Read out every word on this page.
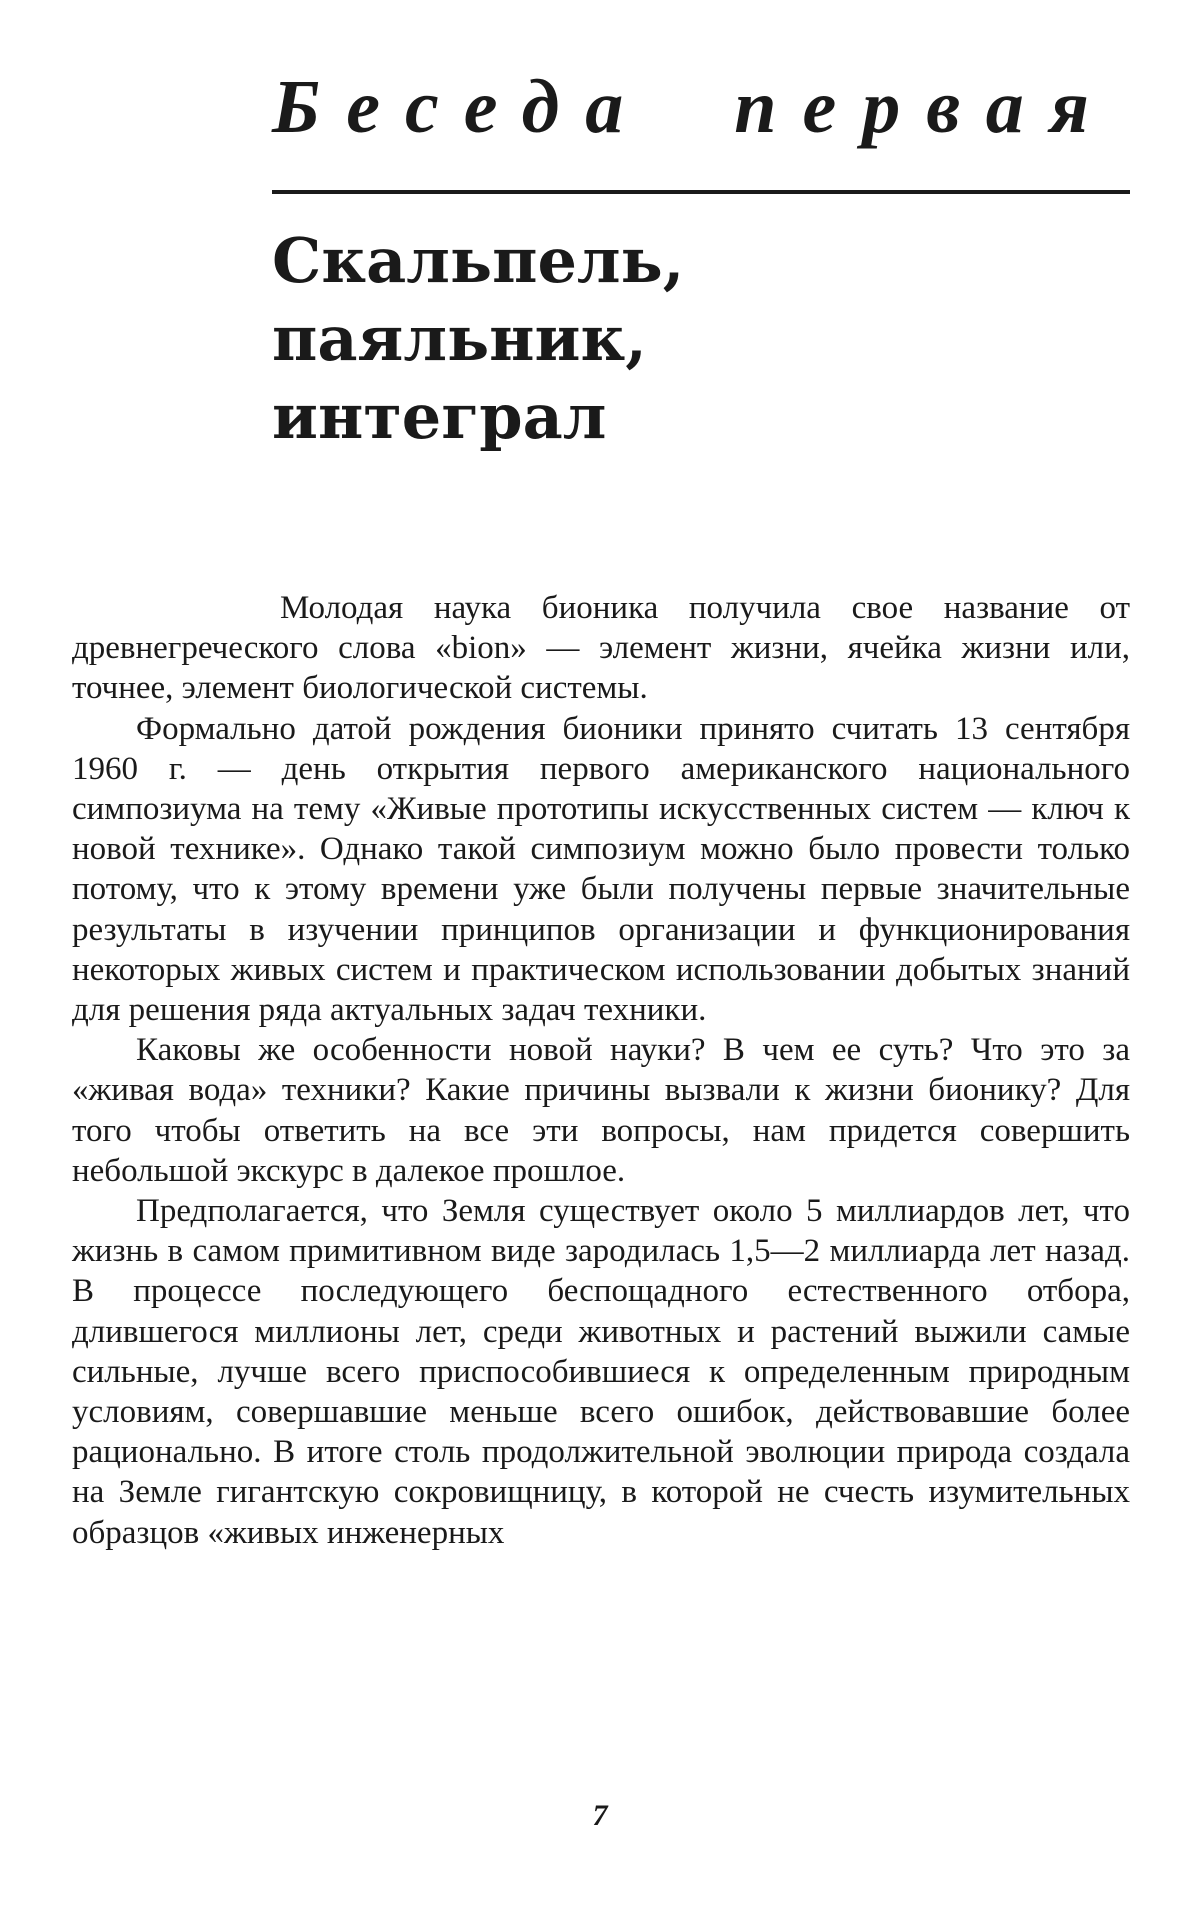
Беседа первая
Скальпель,
паяльник,
интеграл

Молодая наука бионика получила свое название от древнегреческого слова «bion» — элемент жизни, ячейка жизни или, точнее, элемент биологической системы.

Формально датой рождения бионики принято считать 13 сентября 1960 г. — день открытия первого американского национального симпозиума на тему «Живые прототипы искусственных систем — ключ к новой технике». Однако такой симпозиум можно было провести только потому, что к этому времени уже были получены первые значительные результаты в изучении принципов организации и функционирования некоторых живых систем и практическом использовании добытых знаний для решения ряда актуальных задач техники.

Каковы же особенности новой науки? В чем ее суть? Что это за «живая вода» техники? Какие причины вызвали к жизни бионику? Для того чтобы ответить на все эти вопросы, нам придется совершить небольшой экскурс в далекое прошлое.

Предполагается, что Земля существует около 5 миллиардов лет, что жизнь в самом примитивном виде зародилась 1,5—2 миллиарда лет назад. В процессе последующего беспощадного естественного отбора, длившегося миллионы лет, среди животных и растений выжили самые сильные, лучше всего приспособившиеся к определенным природным условиям, совершавшие меньше всего ошибок, действовавшие более рационально. В итоге столь продолжительной эволюции природа создала на Земле гигантскую сокровищницу, в которой не счесть изумительных образцов «живых инженерных

7
